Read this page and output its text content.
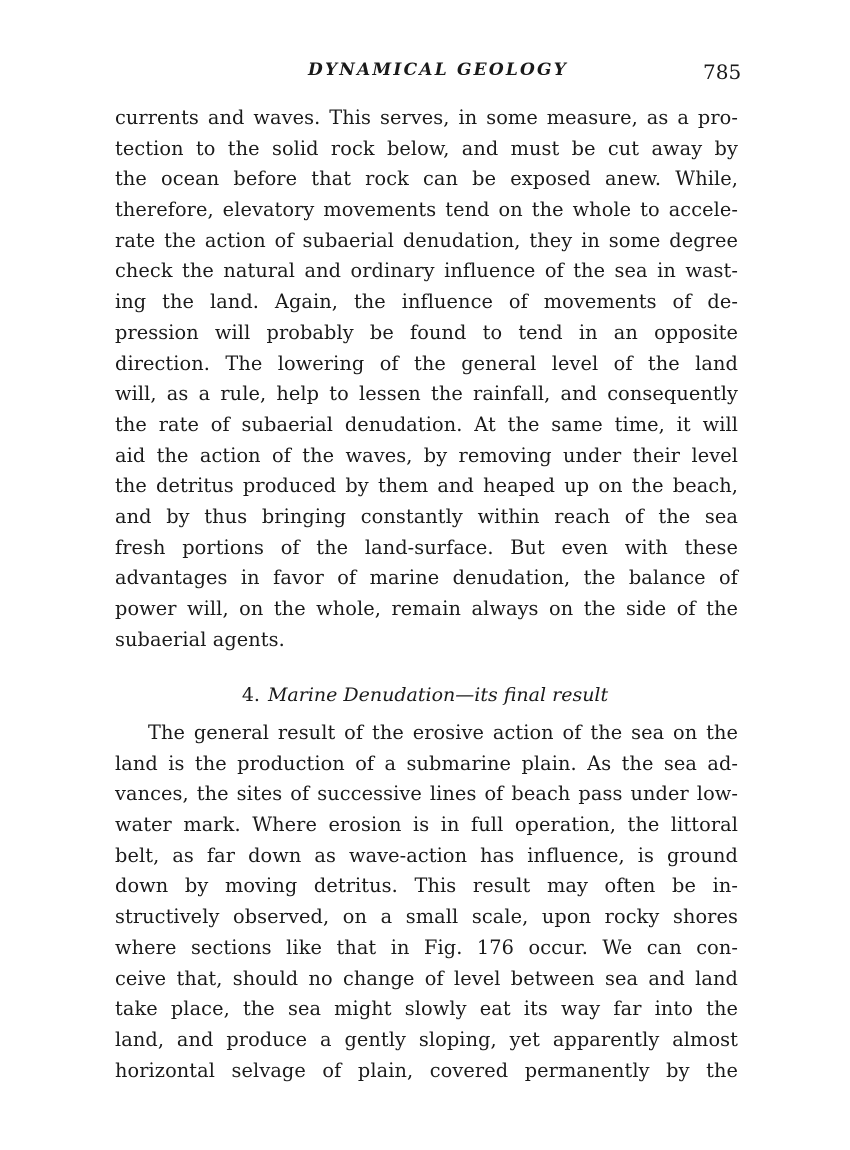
DYNAMICAL GEOLOGY	785
currents and waves. This serves, in some measure, as a pro-
tection to the solid rock below, and must be cut away by
the ocean before that rock can be exposed anew. While,
therefore, elevatory movements tend on the whole to accele-
rate the action of subaerial denudation, they in some degree
check the natural and ordinary influence of the sea in wast-
ing the land. Again, the influence of movements of de-
pression will probably be found to tend in an opposite
direction. The lowering of the general level of the land
will, as a rule, help to lessen the rainfall, and consequently
the rate of subaerial denudation. At the same time, it will
aid the action of the waves, by removing under their level
the detritus produced by them and heaped up on the beach,
and by thus bringing constantly within reach of the sea
fresh portions of the land-surface. But even with these
advantages in favor of marine denudation, the balance of
power will, on the whole, remain always on the side of the
subaerial agents.
4. Marine Denudation—its final result
The general result of the erosive action of the sea on the
land is the production of a submarine plain. As the sea ad-
vances, the sites of successive lines of beach pass under low-
water mark. Where erosion is in full operation, the littoral
belt, as far down as wave-action has influence, is ground
down by moving detritus. This result may often be in-
structively observed, on a small scale, upon rocky shores
where sections like that in Fig. 176 occur. We can con-
ceive that, should no change of level between sea and land
take place, the sea might slowly eat its way far into the
land, and produce a gently sloping, yet apparently almost
horizontal selvage of plain, covered permanently by the
